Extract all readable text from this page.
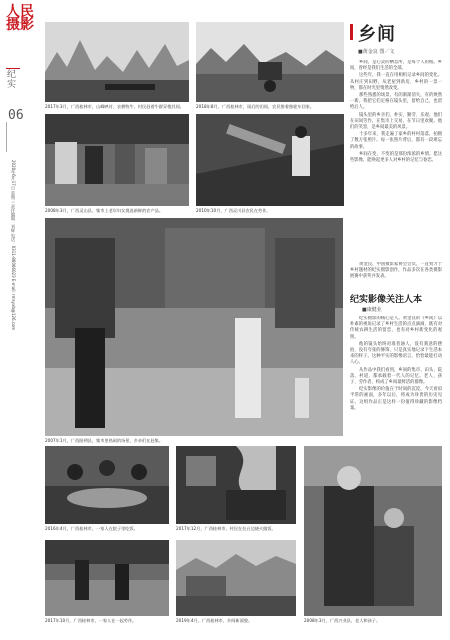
人民摄影
纪实
06
2020年6月17日 星期三 责任编辑：刘辉 电话：0311-86066023 E-mail: rmsyxb@126.com
2017年3月，广西桂林市，山峰映衬，农耕牧牛，村民赶着牛群穿梭其间。	2018年8月，广西桂林市，雨后的田间，农民推着独轮车回家。
乡间
■黄金良 图／文

乡间，是心灵的栖息所，是每个人的根。乡间，曾经是我们生活的全部。

这些年，我一直在用相机记录乡间的变化。从村庄到田野，从老屋到新房，乡村的一景一物，都在时光里悄然改变。

那些熟悉的场景，有的渐渐消失，有的焕然一新。我把它们定格在镜头里，留给自己，也留给后人。

镜头里的乡亲们，朴实、勤劳、乐观。他们在田间劳作，在集市上交易，在节日里欢聚。他们的笑容，是乡间最美的风景。

十多年来，我走遍了家乡的村村落落，拍摄了数万张照片。每一张照片背后，都有一段难忘的故事。

乡间在变，不变的是那份浓浓的乡情。愿这些影像，能唤起更多人对乡村的记忆与眷恋。

2008年3月，广西灵山县，集市上老年妇女挑选新鲜的农产品。	2010年10月，广西灵川县农民在劳作。
2007年1月，广西阳朔县，集市里热闹的场景，乡亲们在赶集。
黄金良，中国摄影家协会会员，一直致力于乡村题材的纪实摄影创作，作品多次在各类摄影展赛中获奖并发表。
纪实影像关注人本
■康健业

纪实摄影的核心是人。黄金良的《乡间》以朴素的视角记录了乡村生活的点点滴滴，既有对传统农耕生活的留恋，也有对乡村新变化的观照。

他的镜头始终对准普通人，没有刻意的摆拍，没有夸张的修饰，只是真实地记录下生活本来的样子。这种平实的影像语言，恰恰最能打动人心。

从作品中我们看到，乡间的集市、田头、院落、村道，都承载着一代人的记忆。老人、孩子、劳作者，构成了乡间最鲜活的群像。

纪实影像的价值在于时间的沉淀。今天看似平常的画面，多年以后，将成为珍贵的历史见证。这组作品正是这样一份值得珍藏的影像档案。

2016年4月，广西桂林市，一家人在院子里吃饭。	2017年12月，广西桂林市，村民在灶台边烧火做饭。
2008年3月，广西兴业县，老人和孩子。
2017年10月，广西桂林市，一家人在一起劳作。	2019年4月，广西桂林市，乡间新面貌。
